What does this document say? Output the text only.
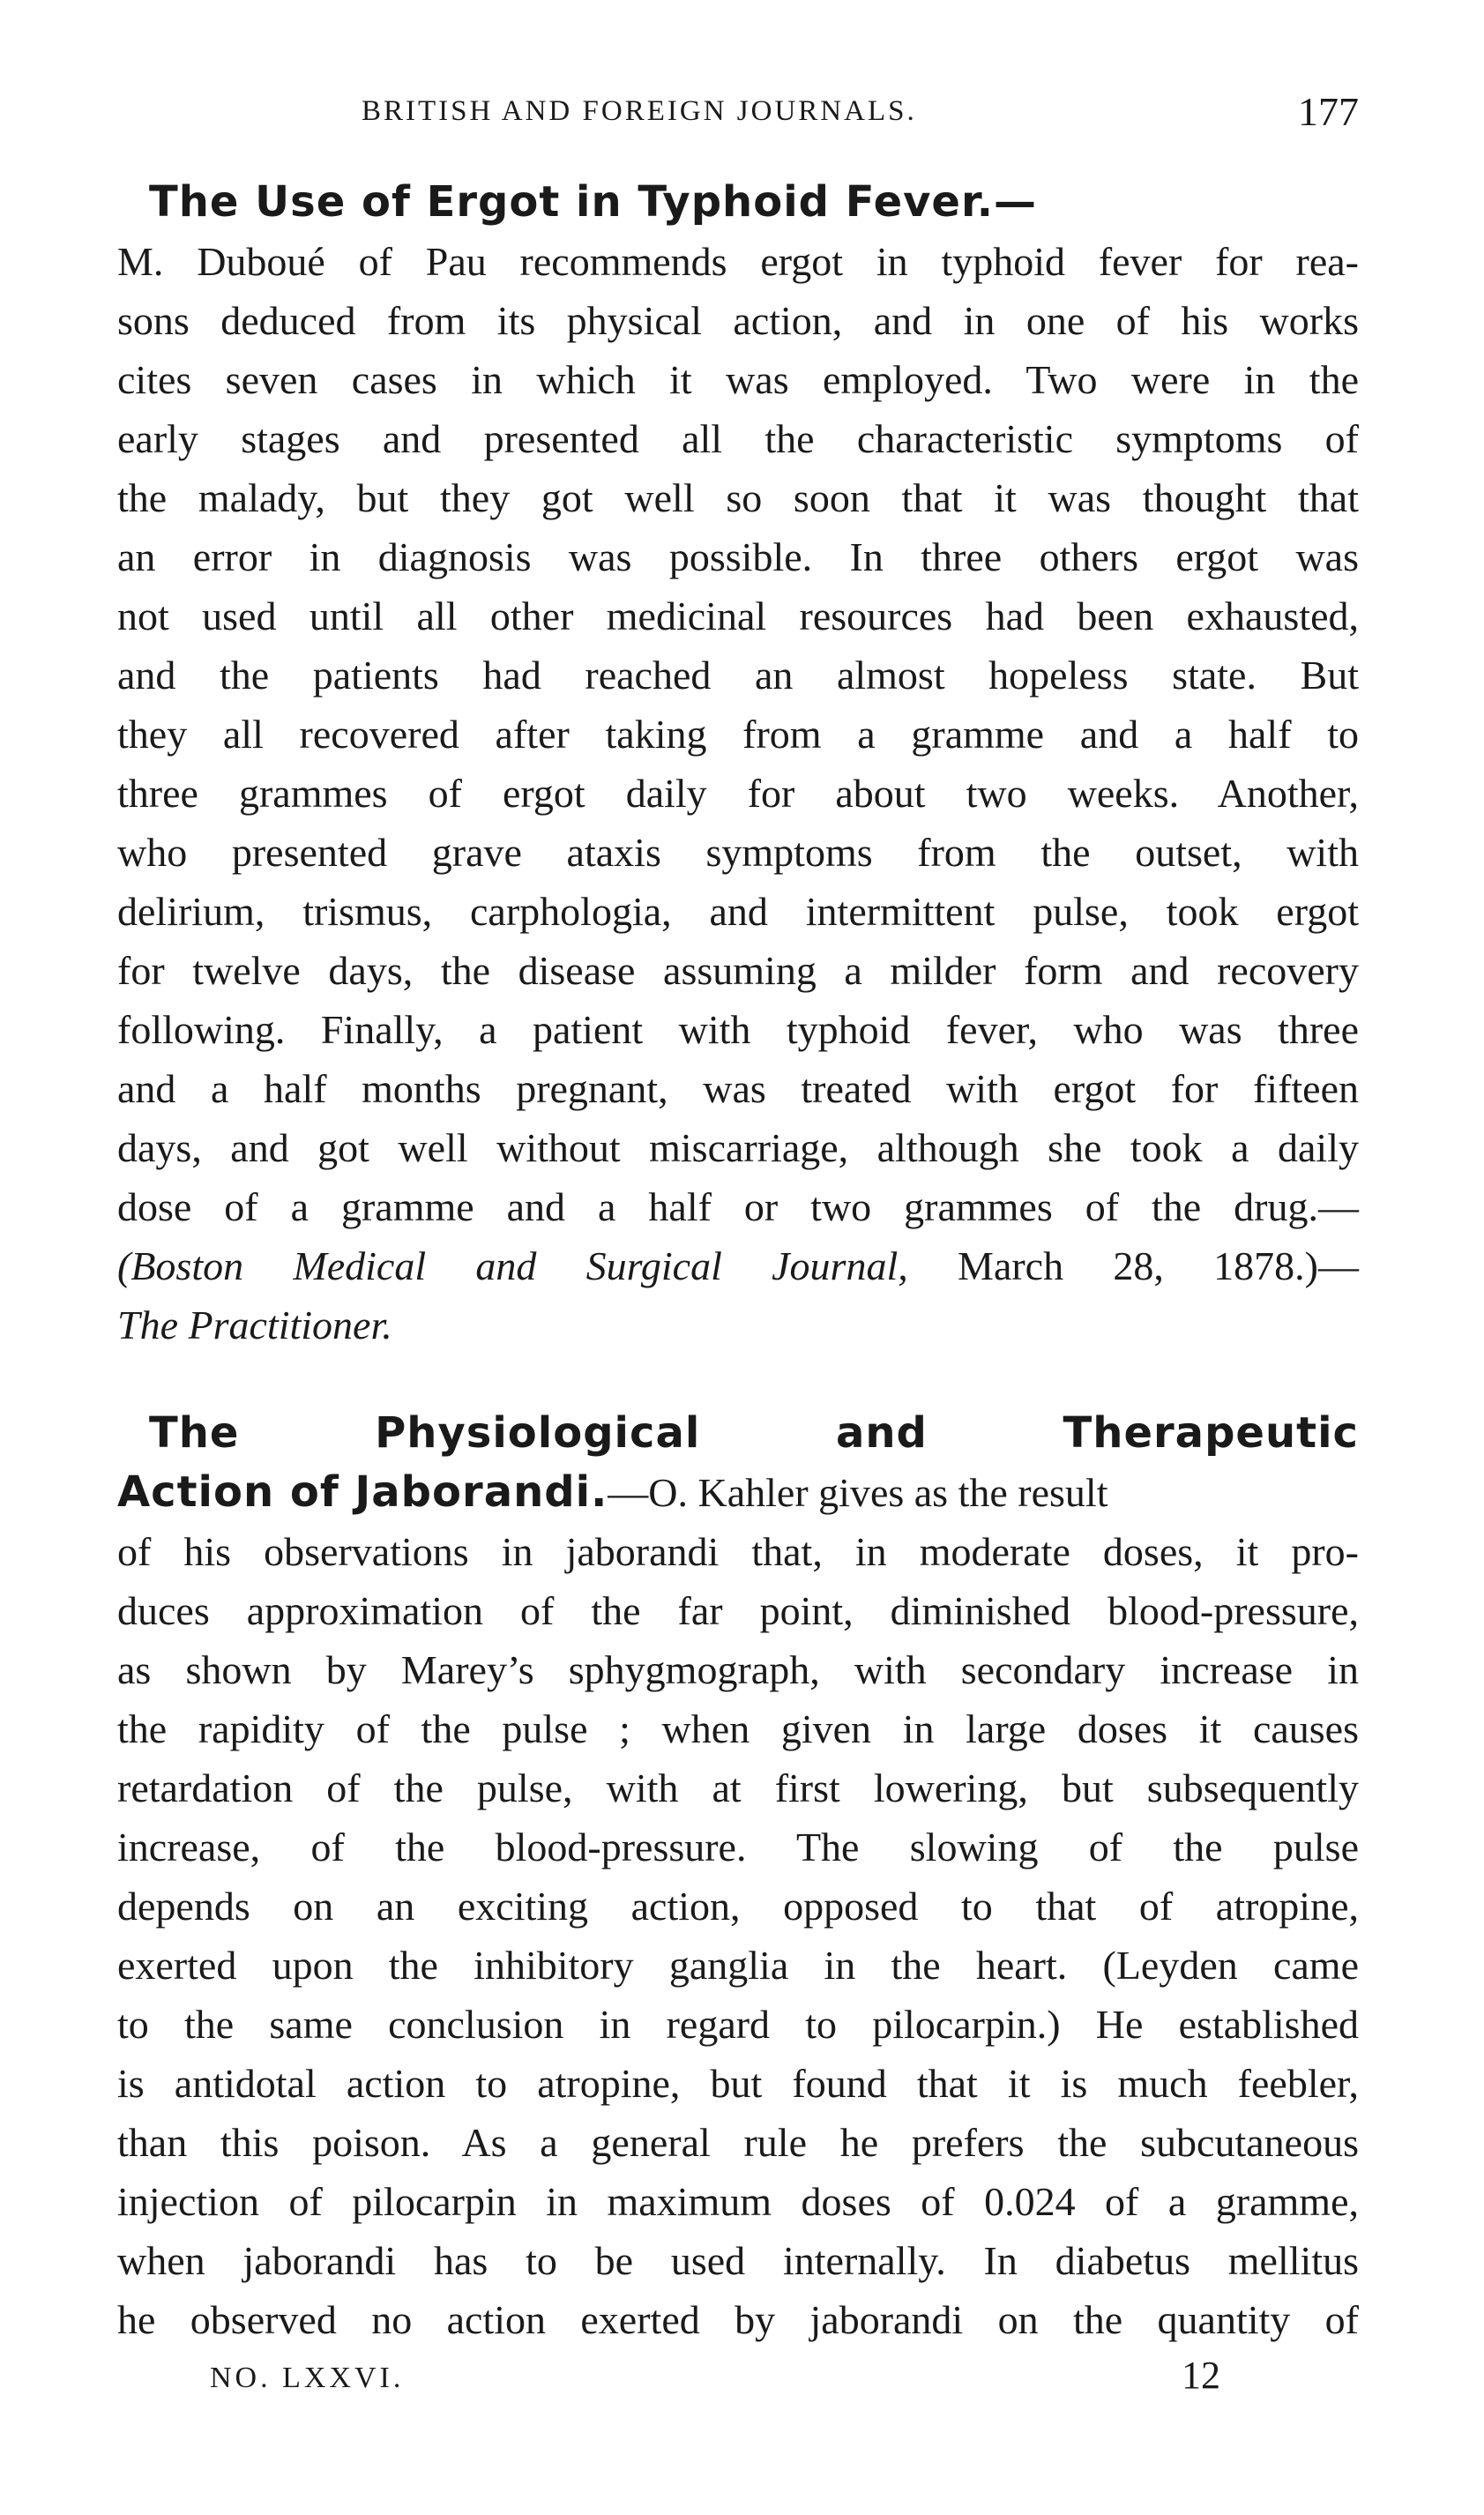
BRITISH AND FOREIGN JOURNALS.	177
The Use of Ergot in Typhoid Fever.—
M. Duboué of Pau recommends ergot in typhoid fever for rea-
sons deduced from its physical action, and in one of his works
cites seven cases in which it was employed. Two were in the
early stages and presented all the characteristic symptoms of
the malady, but they got well so soon that it was thought that
an error in diagnosis was possible. In three others ergot was
not used until all other medicinal resources had been exhausted,
and the patients had reached an almost hopeless state. But
they all recovered after taking from a gramme and a half to
three grammes of ergot daily for about two weeks. Another,
who presented grave ataxis symptoms from the outset, with
delirium, trismus, carphologia, and intermittent pulse, took ergot
for twelve days, the disease assuming a milder form and recovery
following. Finally, a patient with typhoid fever, who was three
and a half months pregnant, was treated with ergot for fifteen
days, and got well without miscarriage, although she took a daily
dose of a gramme and a half or two grammes of the drug.—
(Boston Medical and Surgical Journal, March 28, 1878.)—
The Practitioner.
The Physiological and Therapeutic
Action of Jaborandi.—O. Kahler gives as the result
of his observations in jaborandi that, in moderate doses, it pro-
duces approximation of the far point, diminished blood-pressure,
as shown by Marey’s sphygmograph, with secondary increase in
the rapidity of the pulse ; when given in large doses it causes
retardation of the pulse, with at first lowering, but subsequently
increase, of the blood-pressure. The slowing of the pulse
depends on an exciting action, opposed to that of atropine,
exerted upon the inhibitory ganglia in the heart. (Leyden came
to the same conclusion in regard to pilocarpin.) He established
is antidotal action to atropine, but found that it is much feebler,
than this poison. As a general rule he prefers the subcutaneous
injection of pilocarpin in maximum doses of 0.024 of a gramme,
when jaborandi has to be used internally. In diabetus mellitus
he observed no action exerted by jaborandi on the quantity of
NO. LXXVI.	12
